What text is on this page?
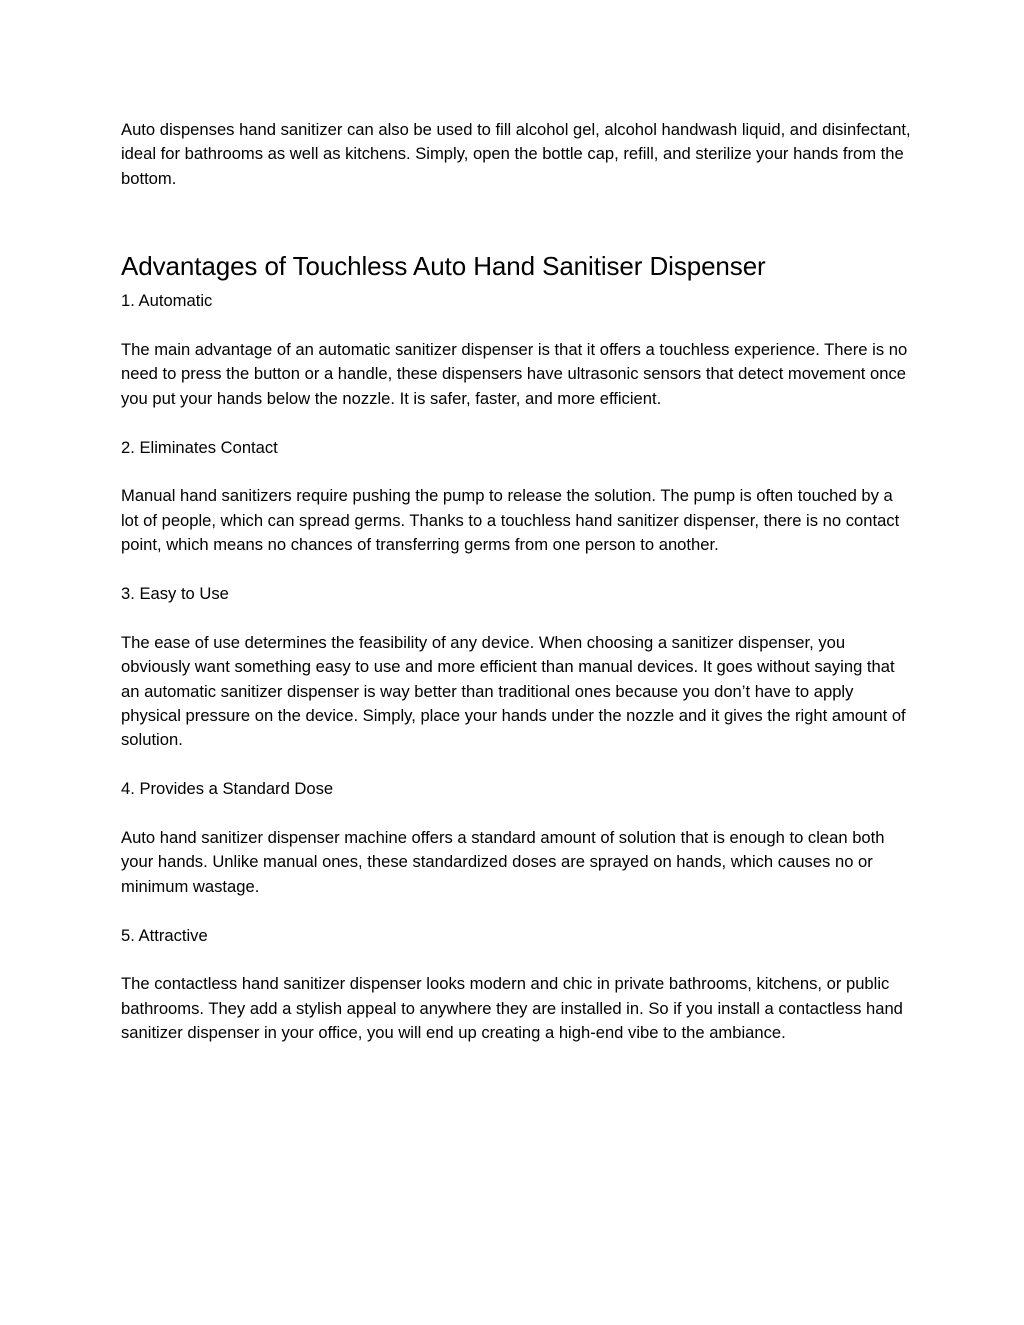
Auto dispenses hand sanitizer can also be used to fill alcohol gel, alcohol handwash liquid, and disinfectant, ideal for bathrooms as well as kitchens. Simply, open the bottle cap, refill, and sterilize your hands from the bottom.

Advantages of Touchless Auto Hand Sanitiser Dispenser

1. Automatic

The main advantage of an automatic sanitizer dispenser is that it offers a touchless experience. There is no need to press the button or a handle, these dispensers have ultrasonic sensors that detect movement once you put your hands below the nozzle. It is safer, faster, and more efficient.

2. Eliminates Contact

Manual hand sanitizers require pushing the pump to release the solution. The pump is often touched by a lot of people, which can spread germs. Thanks to a touchless hand sanitizer dispenser, there is no contact point, which means no chances of transferring germs from one person to another.

3. Easy to Use

The ease of use determines the feasibility of any device. When choosing a sanitizer dispenser, you obviously want something easy to use and more efficient than manual devices. It goes without saying that an automatic sanitizer dispenser is way better than traditional ones because you don’t have to apply physical pressure on the device. Simply, place your hands under the nozzle and it gives the right amount of solution.

4. Provides a Standard Dose

Auto hand sanitizer dispenser machine offers a standard amount of solution that is enough to clean both your hands. Unlike manual ones, these standardized doses are sprayed on hands, which causes no or minimum wastage.

5. Attractive

The contactless hand sanitizer dispenser looks modern and chic in private bathrooms, kitchens, or public bathrooms. They add a stylish appeal to anywhere they are installed in. So if you install a contactless hand sanitizer dispenser in your office, you will end up creating a high-end vibe to the ambiance.
